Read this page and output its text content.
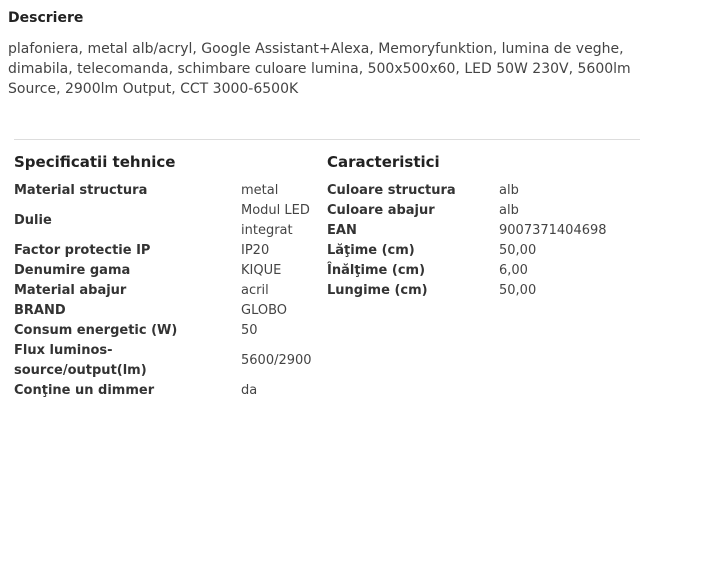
Descriere
plafoniera, metal alb/acryl, Google Assistant+Alexa, Memoryfunktion, lumina de veghe, dimabila, telecomanda, schimbare culoare lumina, 500x500x60, LED 50W 230V, 5600lm Source, 2900lm Output, CCT 3000-6500K
Specificatii tehnice
Material structura	metal
Dulie	Modul LED integrat
Factor protectie IP	IP20
Denumire gama	KIQUE
Material abajur	acril
BRAND	GLOBO
Consum energetic (W)	50
Flux luminos-source/output(lm)	5600/2900
Conţine un dimmer	da
Caracteristici
Culoare structura	alb
Culoare abajur	alb
EAN	9007371404698
Lăţime (cm)	50,00
Înălţime (cm)	6,00
Lungime (cm)	50,00
